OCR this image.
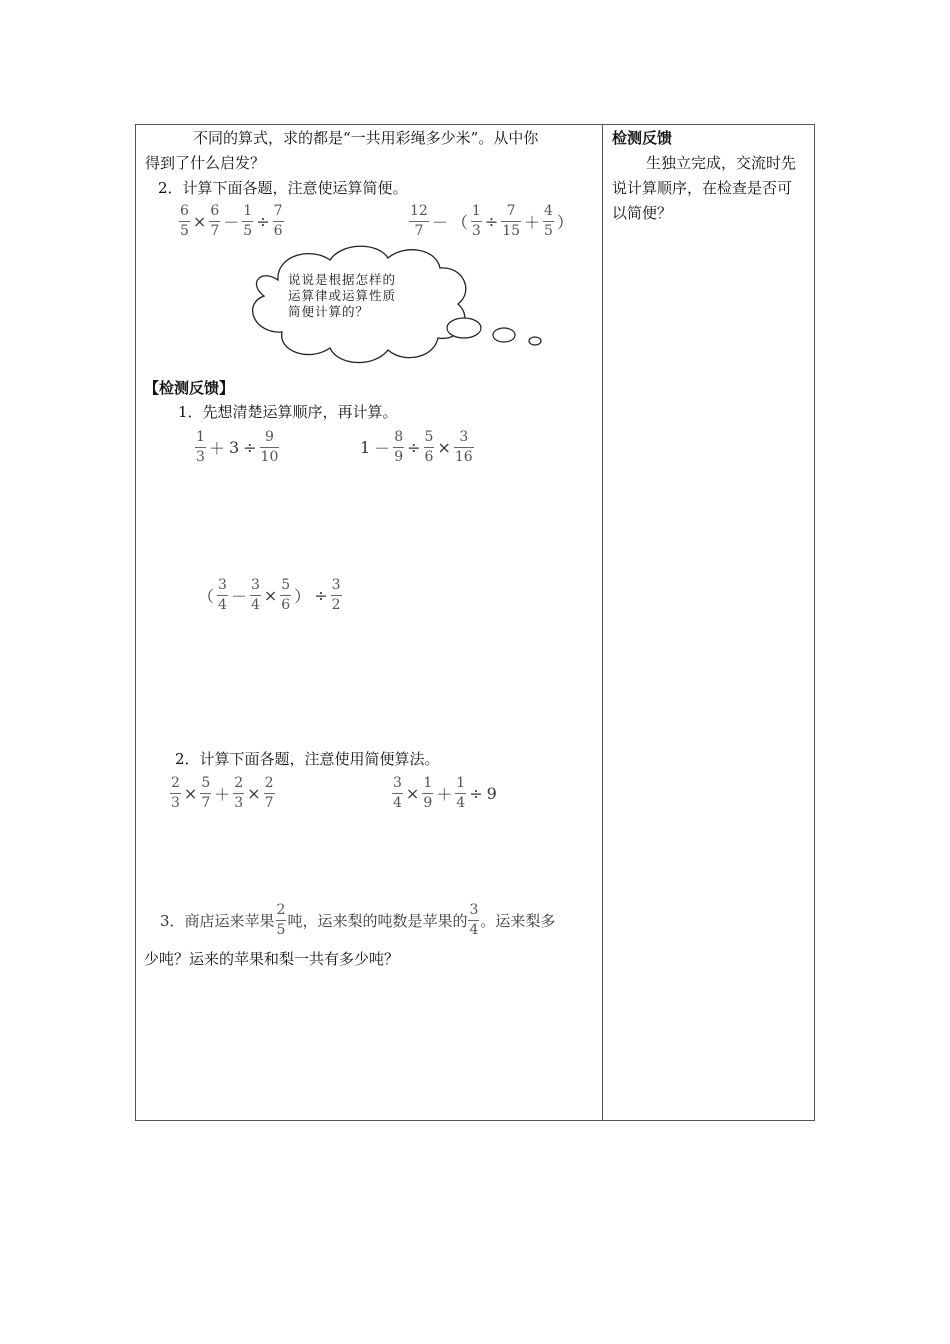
不同的算式，求的都是“一共用彩绳多少米”。从中你
得到了什么启发？
2．计算下面各题，注意使运算简便。
$\frac{6}{5} \times \frac{6}{7} - \frac{1}{5} \div \frac{7}{6}$	$\frac{12}{7}$ － （ $\frac{1}{3} \div \frac{7}{15} + \frac{4}{5}$ ）
说说是根据怎样的运算律或运算性质简便计算的？
【检测反馈】
1．先想清楚运算顺序，再计算。
$\frac{1}{3} + 3 \div \frac{9}{10}$	$1 - \frac{8}{9} \div \frac{5}{6} \times \frac{3}{16}$
（ $\frac{3}{4} - \frac{3}{4} \times \frac{5}{6}$ ） ÷ $\frac{3}{2}$
2．计算下面各题，注意使用简便算法。
$\frac{2}{3} \times \frac{5}{7} + \frac{2}{3} \times \frac{2}{7}$	$\frac{3}{4} \times \frac{1}{9} + \frac{1}{4} \div 9$
3．商店运来苹果 $\frac{2}{5}$ 吨，运来梨的吨数是苹果的 $\frac{3}{4}$ 。运来梨多
少吨？运来的苹果和梨一共有多少吨？
检测反馈
生独立完成，交流时先
说计算顺序，在检查是否可
以简便？
